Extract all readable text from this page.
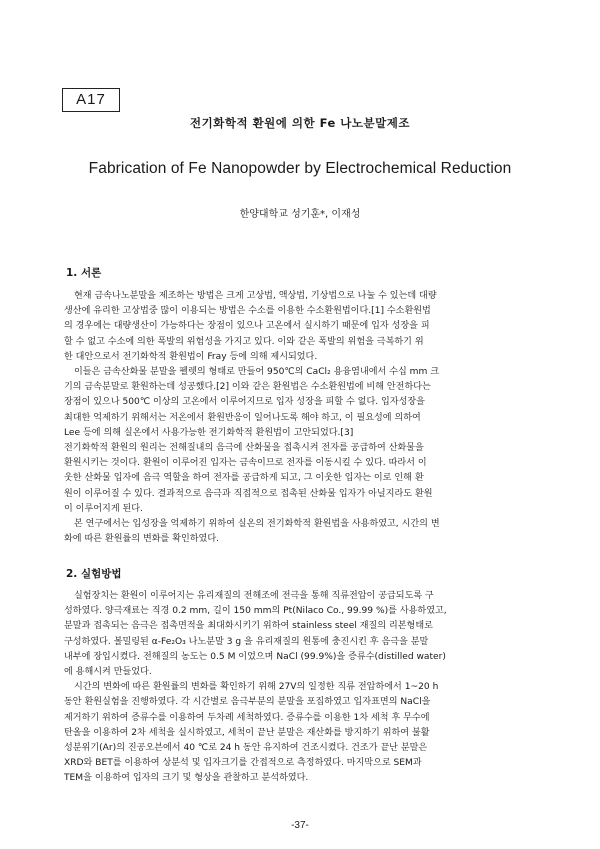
A17
전기화학적 환원에 의한 Fe 나노분말제조
Fabrication of Fe Nanopowder by Electrochemical Reduction
한양대학교 성기훈*, 이재성
1. 서론
현재 금속나노분말을 제조하는 방법은 크게 고상법, 액상법, 기상법으로 나눌 수 있는데 대량
생산에 유리한 고상법중 많이 이용되는 방법은 수소를 이용한 수소환원법이다.[1] 수소환원법
의 경우에는 대량생산이 가능하다는 장점이 있으나 고온에서 실시하기 때문에 입자 성장을 피
할 수 없고 수소에 의한 폭발의 위험성을 가지고 있다. 이와 같은 폭발의 위험을 극복하기 위
한 대안으로서 전기화학적 환원법이 Fray 등에 의해 제시되었다.
이들은 금속산화물 분말을 펠렛의 형태로 만들어 950℃의 CaCl₂ 용융염내에서 수십 mm 크
기의 금속분말로 환원하는데 성공했다.[2] 이와 같은 환원법은 수소환원법에 비해 안전하다는
장점이 있으나 500℃ 이상의 고온에서 이루어지므로 입자 성장을 피할 수 없다. 입자성장을
최대한 억제하기 위해서는 저온에서 환원반응이 일어나도록 해야 하고, 이 필요성에 의하여
Lee 등에 의해 실온에서 사용가능한 전기화학적 환원법이 고안되었다.[3]
전기화학적 환원의 원리는 전해질내의 음극에 산화물을 접촉시켜 전자를 공급하여 산화물을
환원시키는 것이다. 환원이 이루어진 입자는 금속이므로 전자를 이동시킬 수 있다. 따라서 이
웃한 산화물 입자에 음극 역할을 하여 전자를 공급하게 되고, 그 이웃한 입자는 이로 인해 환
원이 이루어질 수 있다. 결과적으로 음극과 직접적으로 접촉된 산화물 입자가 아닐지라도 환원
이 이루어지게 된다.
본 연구에서는 입성장을 억제하기 위하여 실온의 전기화학적 환원법을 사용하였고, 시간의 변
화에 따른 환원률의 변화를 확인하였다.
2. 실험방법
실험장치는 환원이 이루어지는 유리재질의 전해조에 전극을 통해 직류전압이 공급되도록 구
성하였다. 양극재료는 직경 0.2 mm, 길이 150 mm의 Pt(Nilaco Co., 99.99 %)를 사용하였고,
분말과 접촉되는 음극은 접촉면적을 최대화시키기 위하여 stainless steel 재질의 리본형태로
구성하였다. 볼밀링된 α-Fe₂O₃ 나노분말 3 g 을 유리재질의 원통에 충진시킨 후 음극을 분말
내부에 장입시켰다. 전해질의 농도는 0.5 M 이었으며 NaCl (99.9%)을 증류수(distilled water)
에 용해시켜 만들었다.
시간의 변화에 따른 환원률의 변화를 확인하기 위해 27V의 일정한 직류 전압하에서 1~20 h
동안 환원실험을 진행하였다. 각 시간별로 음극부분의 분말을 포집하였고 입자표면의 NaCl을
제거하기 위하여 증류수를 이용하여 두차례 세척하였다. 증류수를 이용한 1차 세척 후 무수에
탄올을 이용하여 2차 세척을 실시하였고, 세척이 끝난 분말은 재산화를 방지하기 위하여 불활
성분위기(Ar)의 진공오븐에서 40 ℃로 24 h 동안 유지하여 건조시켰다. 건조가 끝난 분말은
XRD와 BET를 이용하여 상분석 및 입자크기를 간접적으로 측정하였다. 마지막으로 SEM과
TEM을 이용하여 입자의 크기 및 형상을 관찰하고 분석하였다.
-37-
